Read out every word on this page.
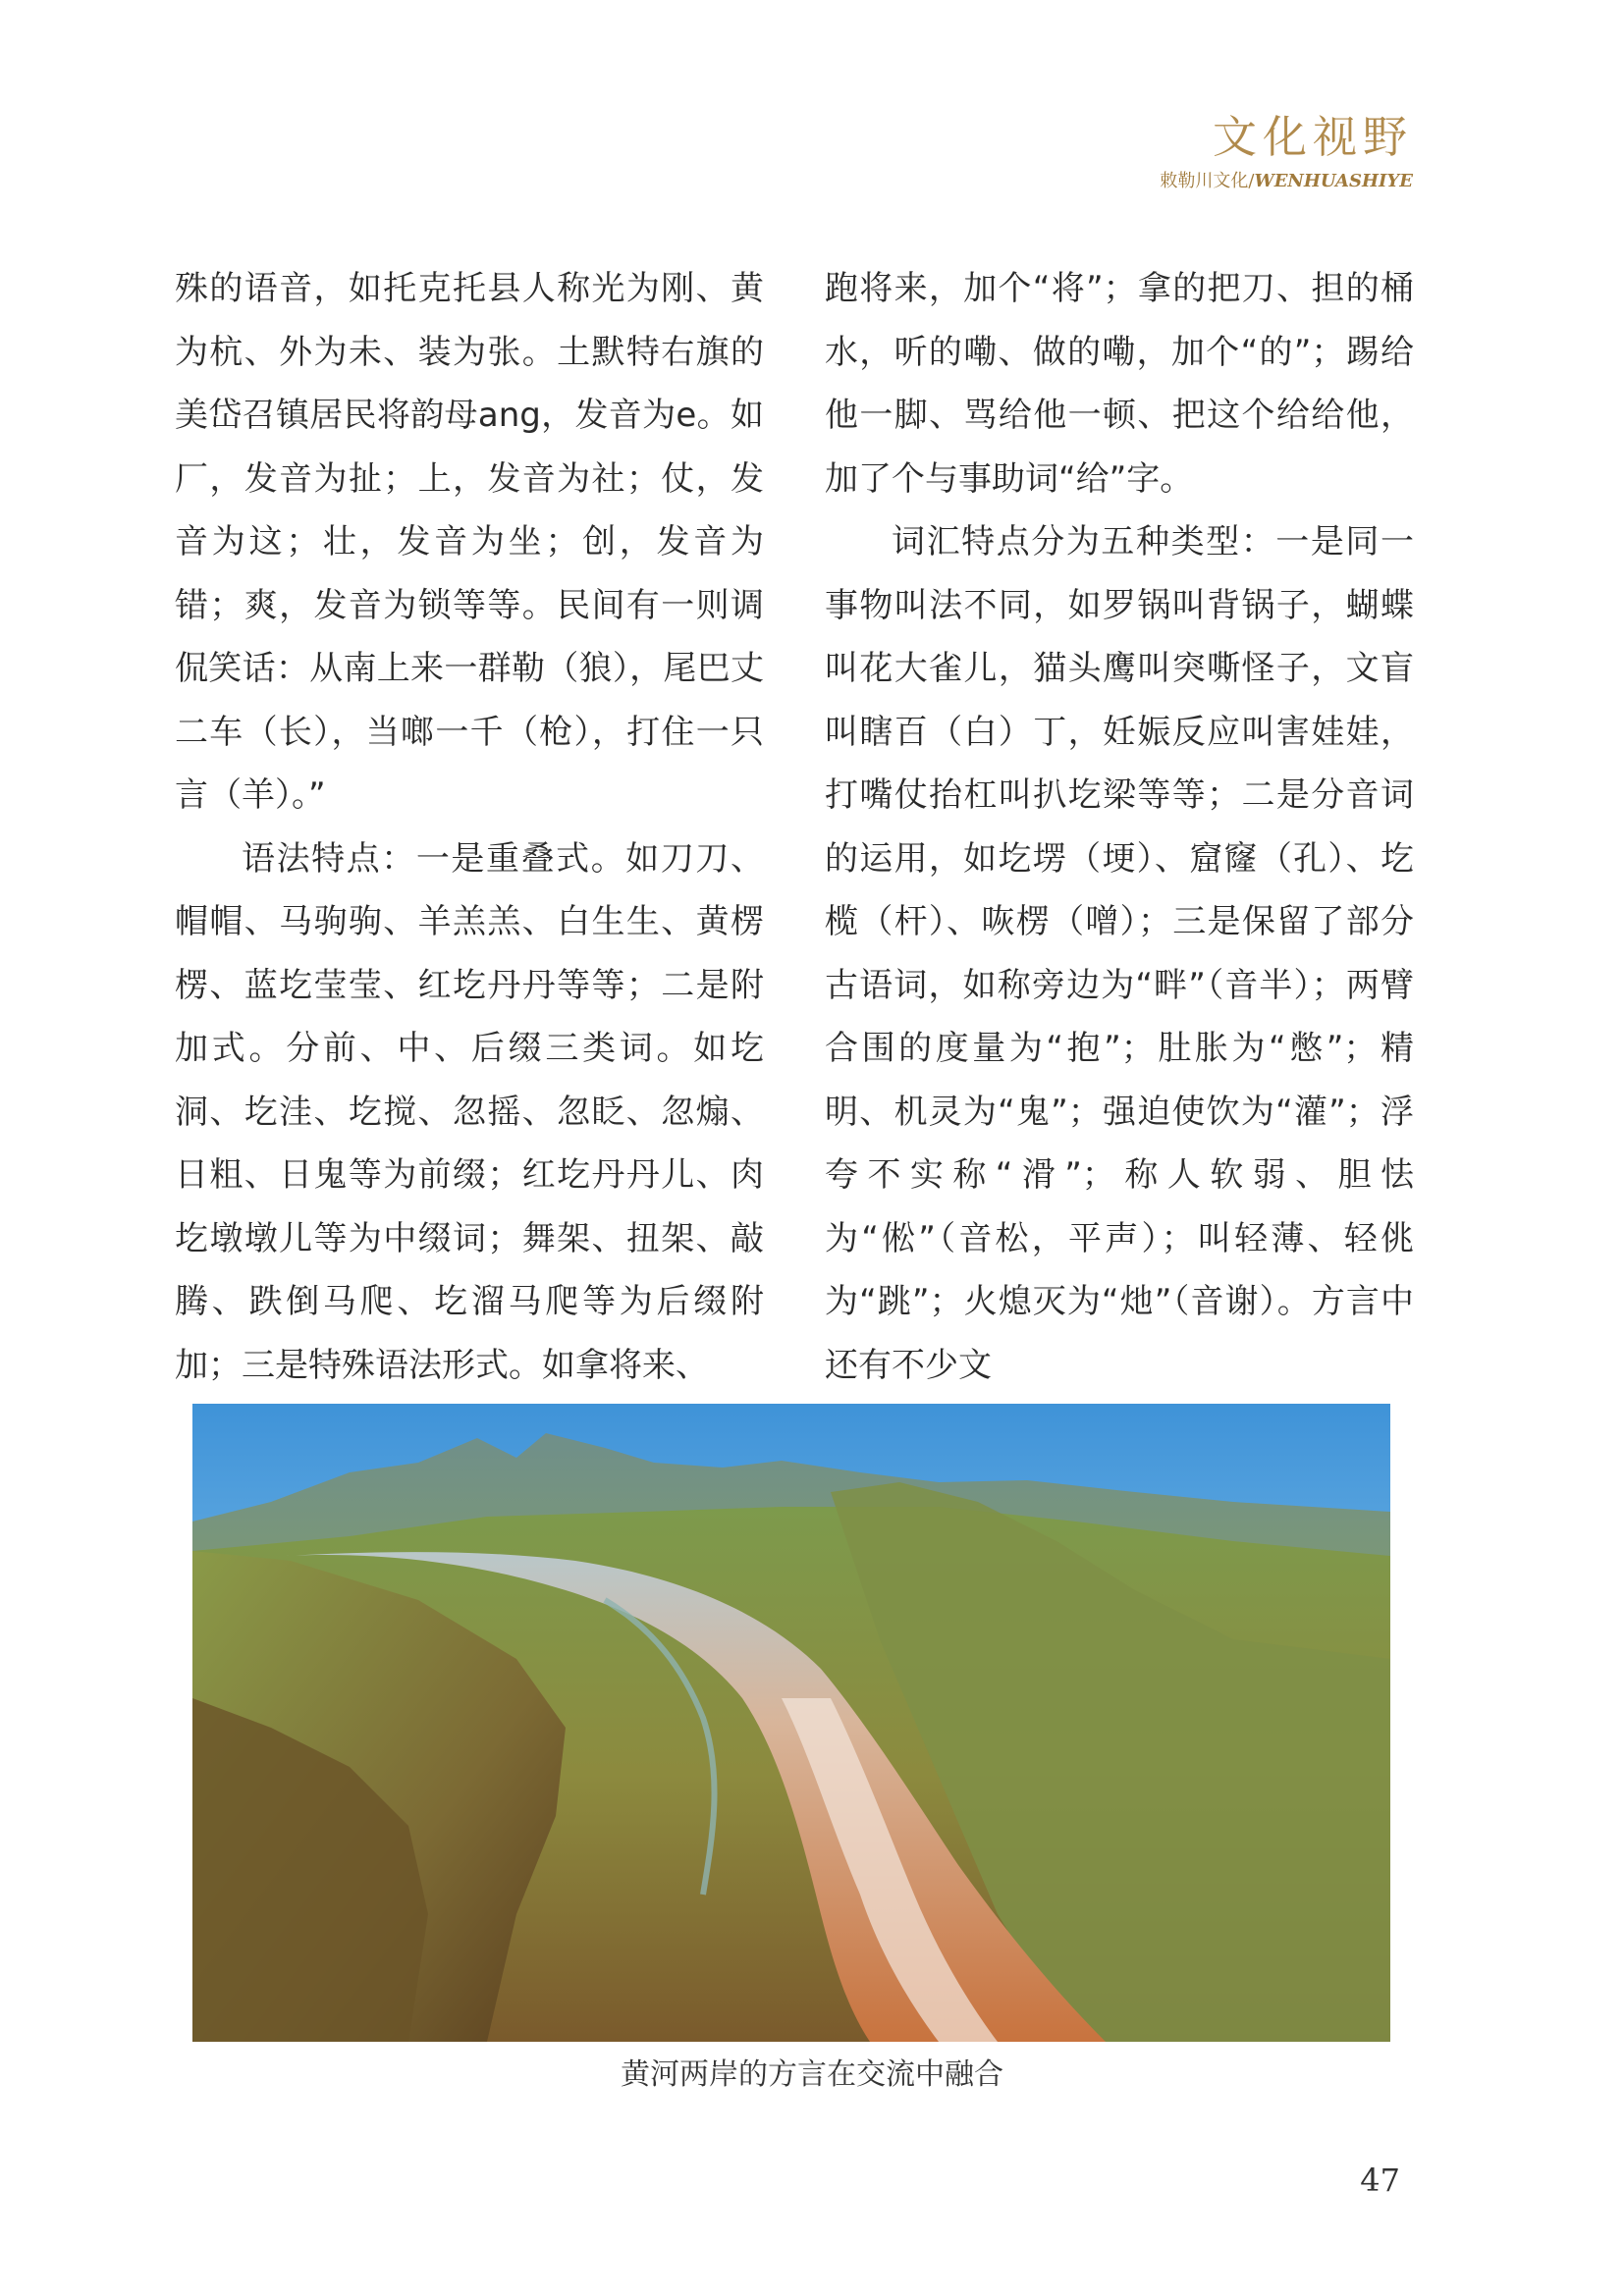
文化视野
敕勒川文化/WENHUASHIYE

殊的语音，如托克托县人称光为刚、黄为杭、外为未、装为张。土默特右旗的美岱召镇居民将韵母ang，发音为e。如厂，发音为扯；上，发音为社；仗，发音为这；壮，发音为坐；创，发音为错；爽，发音为锁等等。民间有一则调侃笑话：从南上来一群勒（狼），尾巴丈二车（长），当啷一千（枪），打住一只言（羊）。”

语法特点：一是重叠式。如刀刀、帽帽、马驹驹、羊羔羔、白生生、黄楞楞、蓝圪莹莹、红圪丹丹等等；二是附加式。分前、中、后缀三类词。如圪洞、圪洼、圪搅、忽摇、忽眨、忽煽、日粗、日鬼等为前缀；红圪丹丹儿、肉圪墩墩儿等为中缀词；舞架、扭架、敲腾、跌倒马爬、圪溜马爬等为后缀附加；三是特殊语法形式。如拿将来、

跑将来，加个“将”；拿的把刀、担的桶水，听的嘞、做的嘞，加个“的”；踢给他一脚、骂给他一顿、把这个给给他，加了个与事助词“给”字。

词汇特点分为五种类型：一是同一事物叫法不同，如罗锅叫背锅子，蝴蝶叫花大雀儿，猫头鹰叫突嘶怪子，文盲叫瞎百（白）丁，妊娠反应叫害娃娃，打嘴仗抬杠叫扒圪梁等等；二是分音词的运用，如圪塄（埂）、窟窿（孔）、圪榄（杆）、咴楞（噌）；三是保留了部分古语词，如称旁边为“畔”（音半）；两臂合围的度量为“抱”；肚胀为“憋”；精明、机灵为“鬼”；强迫使饮为“灌”；浮夸不实称“滑”；称人软弱、胆怯为“倯”（音松，平声）；叫轻薄、轻佻为“跳”；火熄灭为“灺”（音谢）。方言中还有不少文

黄河两岸的方言在交流中融合
47
